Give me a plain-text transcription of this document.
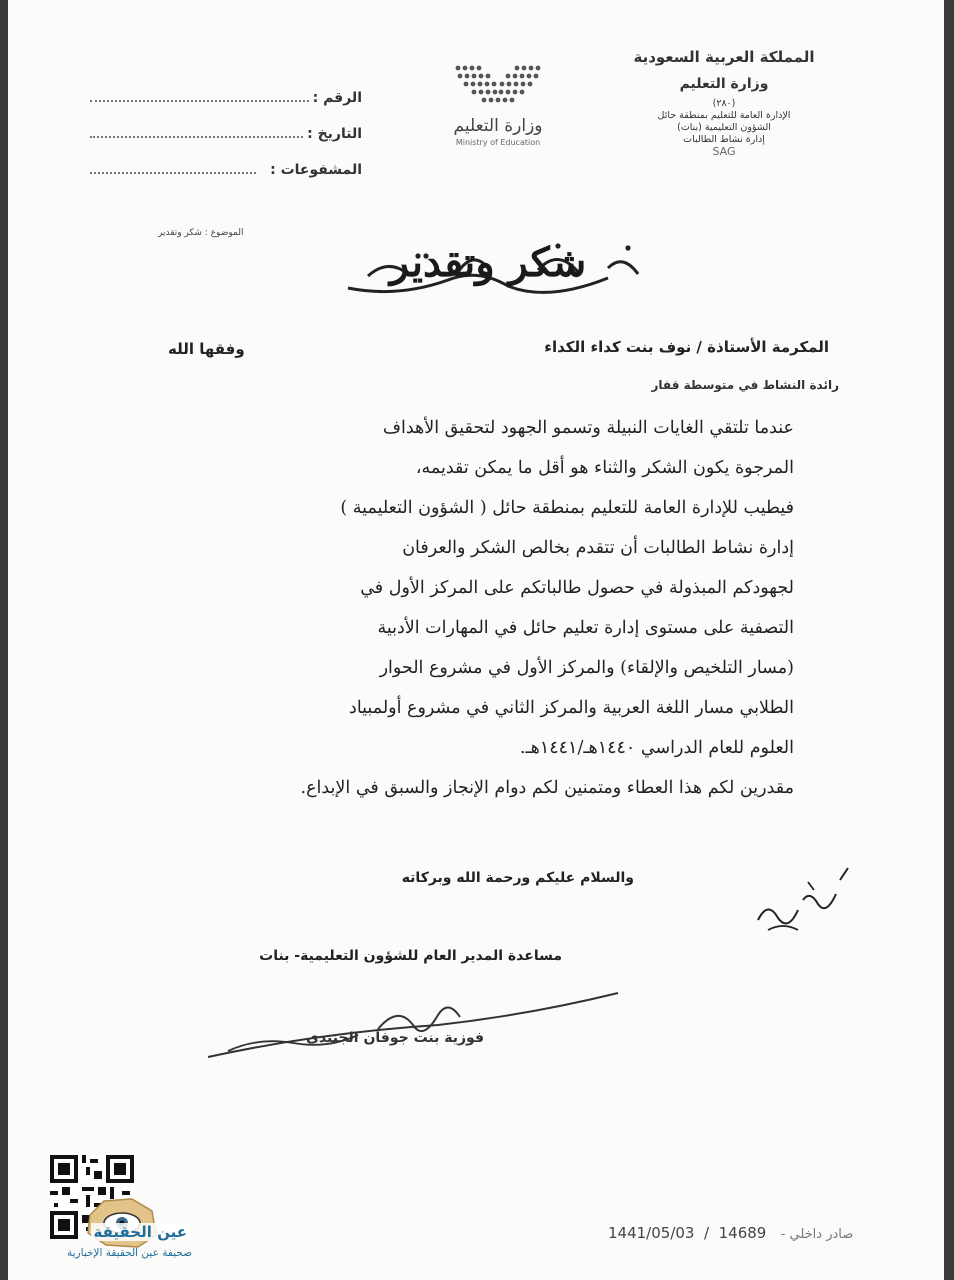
المملكة العربية السعودية
وزارة التعليم
(٢٨٠)
الإدارة العامة للتعليم بمنطقة حائل
الشؤون التعليمية (بنات)
إدارة نشاط الطالبات
SAG
وزارة التعليم
Ministry of Education
الرقم :
التاريخ :
المشفوعات :
الموضوع : شكر وتقدير
شكر وتقدير
المكرمة الأستاذة / نوف بنت كداء الكداء
وفقها الله
رائدة النشاط في متوسطة قفار

عندما تلتقي الغايات النبيلة وتسمو الجهود لتحقيق الأهداف

المرجوة يكون الشكر والثناء هو أقل ما يمكن تقديمه،

فيطيب للإدارة العامة للتعليم بمنطقة حائل ( الشؤون التعليمية )

إدارة نشاط الطالبات أن تتقدم بخالص الشكر والعرفان

لجهودكم المبذولة في حصول طالباتكم على المركز الأول في

التصفية على مستوى إدارة تعليم حائل في المهارات الأدبية

(مسار التلخيص والإلقاء) والمركز الأول في مشروع الحوار

الطلابي مسار اللغة العربية والمركز الثاني في مشروع أولمبياد

العلوم للعام الدراسي ١٤٤٠هـ/١٤٤١هـ.

مقدرين لكم هذا العطاء ومتمنين لكم دوام الإنجاز والسبق في الإبداع.

والسلام عليكم ورحمة الله وبركاته
مساعدة المدير العام للشؤون التعليمية- بنات
فوزية بنت جوفان الجنيدي
عين الحقيقة
صحيفة عين الحقيقة الإخبارية
1441/05/03  /  14689 صادر داخلي -
